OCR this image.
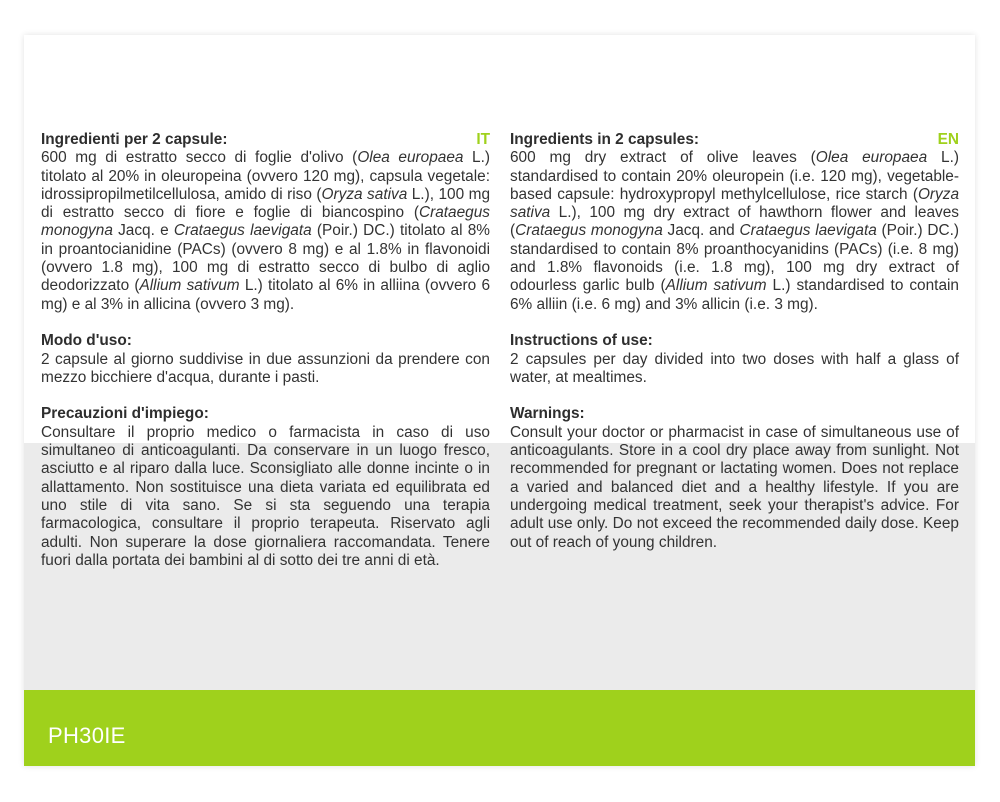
Ingredienti per 2 capsule:	IT

600 mg di estratto secco di foglie d'olivo (Olea europaea L.) titolato al 20% in oleuropeina (ovvero 120 mg), capsula vegetale: idrossipropilmetilcellulosa, amido di riso (Oryza sativa L.), 100 mg di estratto secco di fiore e foglie di biancospino (Crataegus monogyna Jacq. e Crataegus laevigata (Poir.) DC.) titolato al 8% in proantocianidine (PACs) (ovvero 8 mg) e al 1.8% in flavonoidi (ovvero 1.8 mg), 100 mg di estratto secco di bulbo di aglio deodorizzato (Allium sativum L.) titolato al 6% in alliina (ovvero 6 mg) e al 3% in allicina (ovvero 3 mg).

Modo d'uso:

2 capsule al giorno suddivise in due assunzioni da prendere con mezzo bicchiere d'acqua, durante i pasti.

Precauzioni d'impiego:

Consultare il proprio medico o farmacista in caso di uso simultaneo di anticoagulanti. Da conservare in un luogo fresco, asciutto e al riparo dalla luce. Sconsigliato alle donne incinte o in allattamento. Non sostituisce una dieta variata ed equilibrata ed uno stile di vita sano. Se si sta seguendo una terapia farmacologica, consultare il proprio terapeuta. Riservato agli adulti. Non superare la dose giornaliera raccomandata. Tenere fuori dalla portata dei bambini al di sotto dei tre anni di età.

Ingredients in 2 capsules:	EN

600 mg dry extract of olive leaves (Olea europaea L.) standardised to contain 20% oleuropein (i.e. 120 mg), vegetable-based capsule: hydroxypropyl methylcellulose, rice starch (Oryza sativa L.), 100 mg dry extract of hawthorn flower and leaves (Crataegus monogyna Jacq. and Crataegus laevigata (Poir.) DC.) standardised to contain 8% proanthocyanidins (PACs) (i.e. 8 mg) and 1.8% flavonoids (i.e. 1.8 mg), 100 mg dry extract of odourless garlic bulb (Allium sativum L.) standardised to contain 6% alliin (i.e. 6 mg) and 3% allicin (i.e. 3 mg).

Instructions of use:

2 capsules per day divided into two doses with half a glass of water, at mealtimes.

Warnings:

Consult your doctor or pharmacist in case of simultaneous use of anticoagulants. Store in a cool dry place away from sunlight. Not recommended for pregnant or lactating women. Does not replace a varied and balanced diet and a healthy lifestyle. If you are undergoing medical treatment, seek your therapist's advice. For adult use only. Do not exceed the recommended daily dose. Keep out of reach of young children.

PH30IE
